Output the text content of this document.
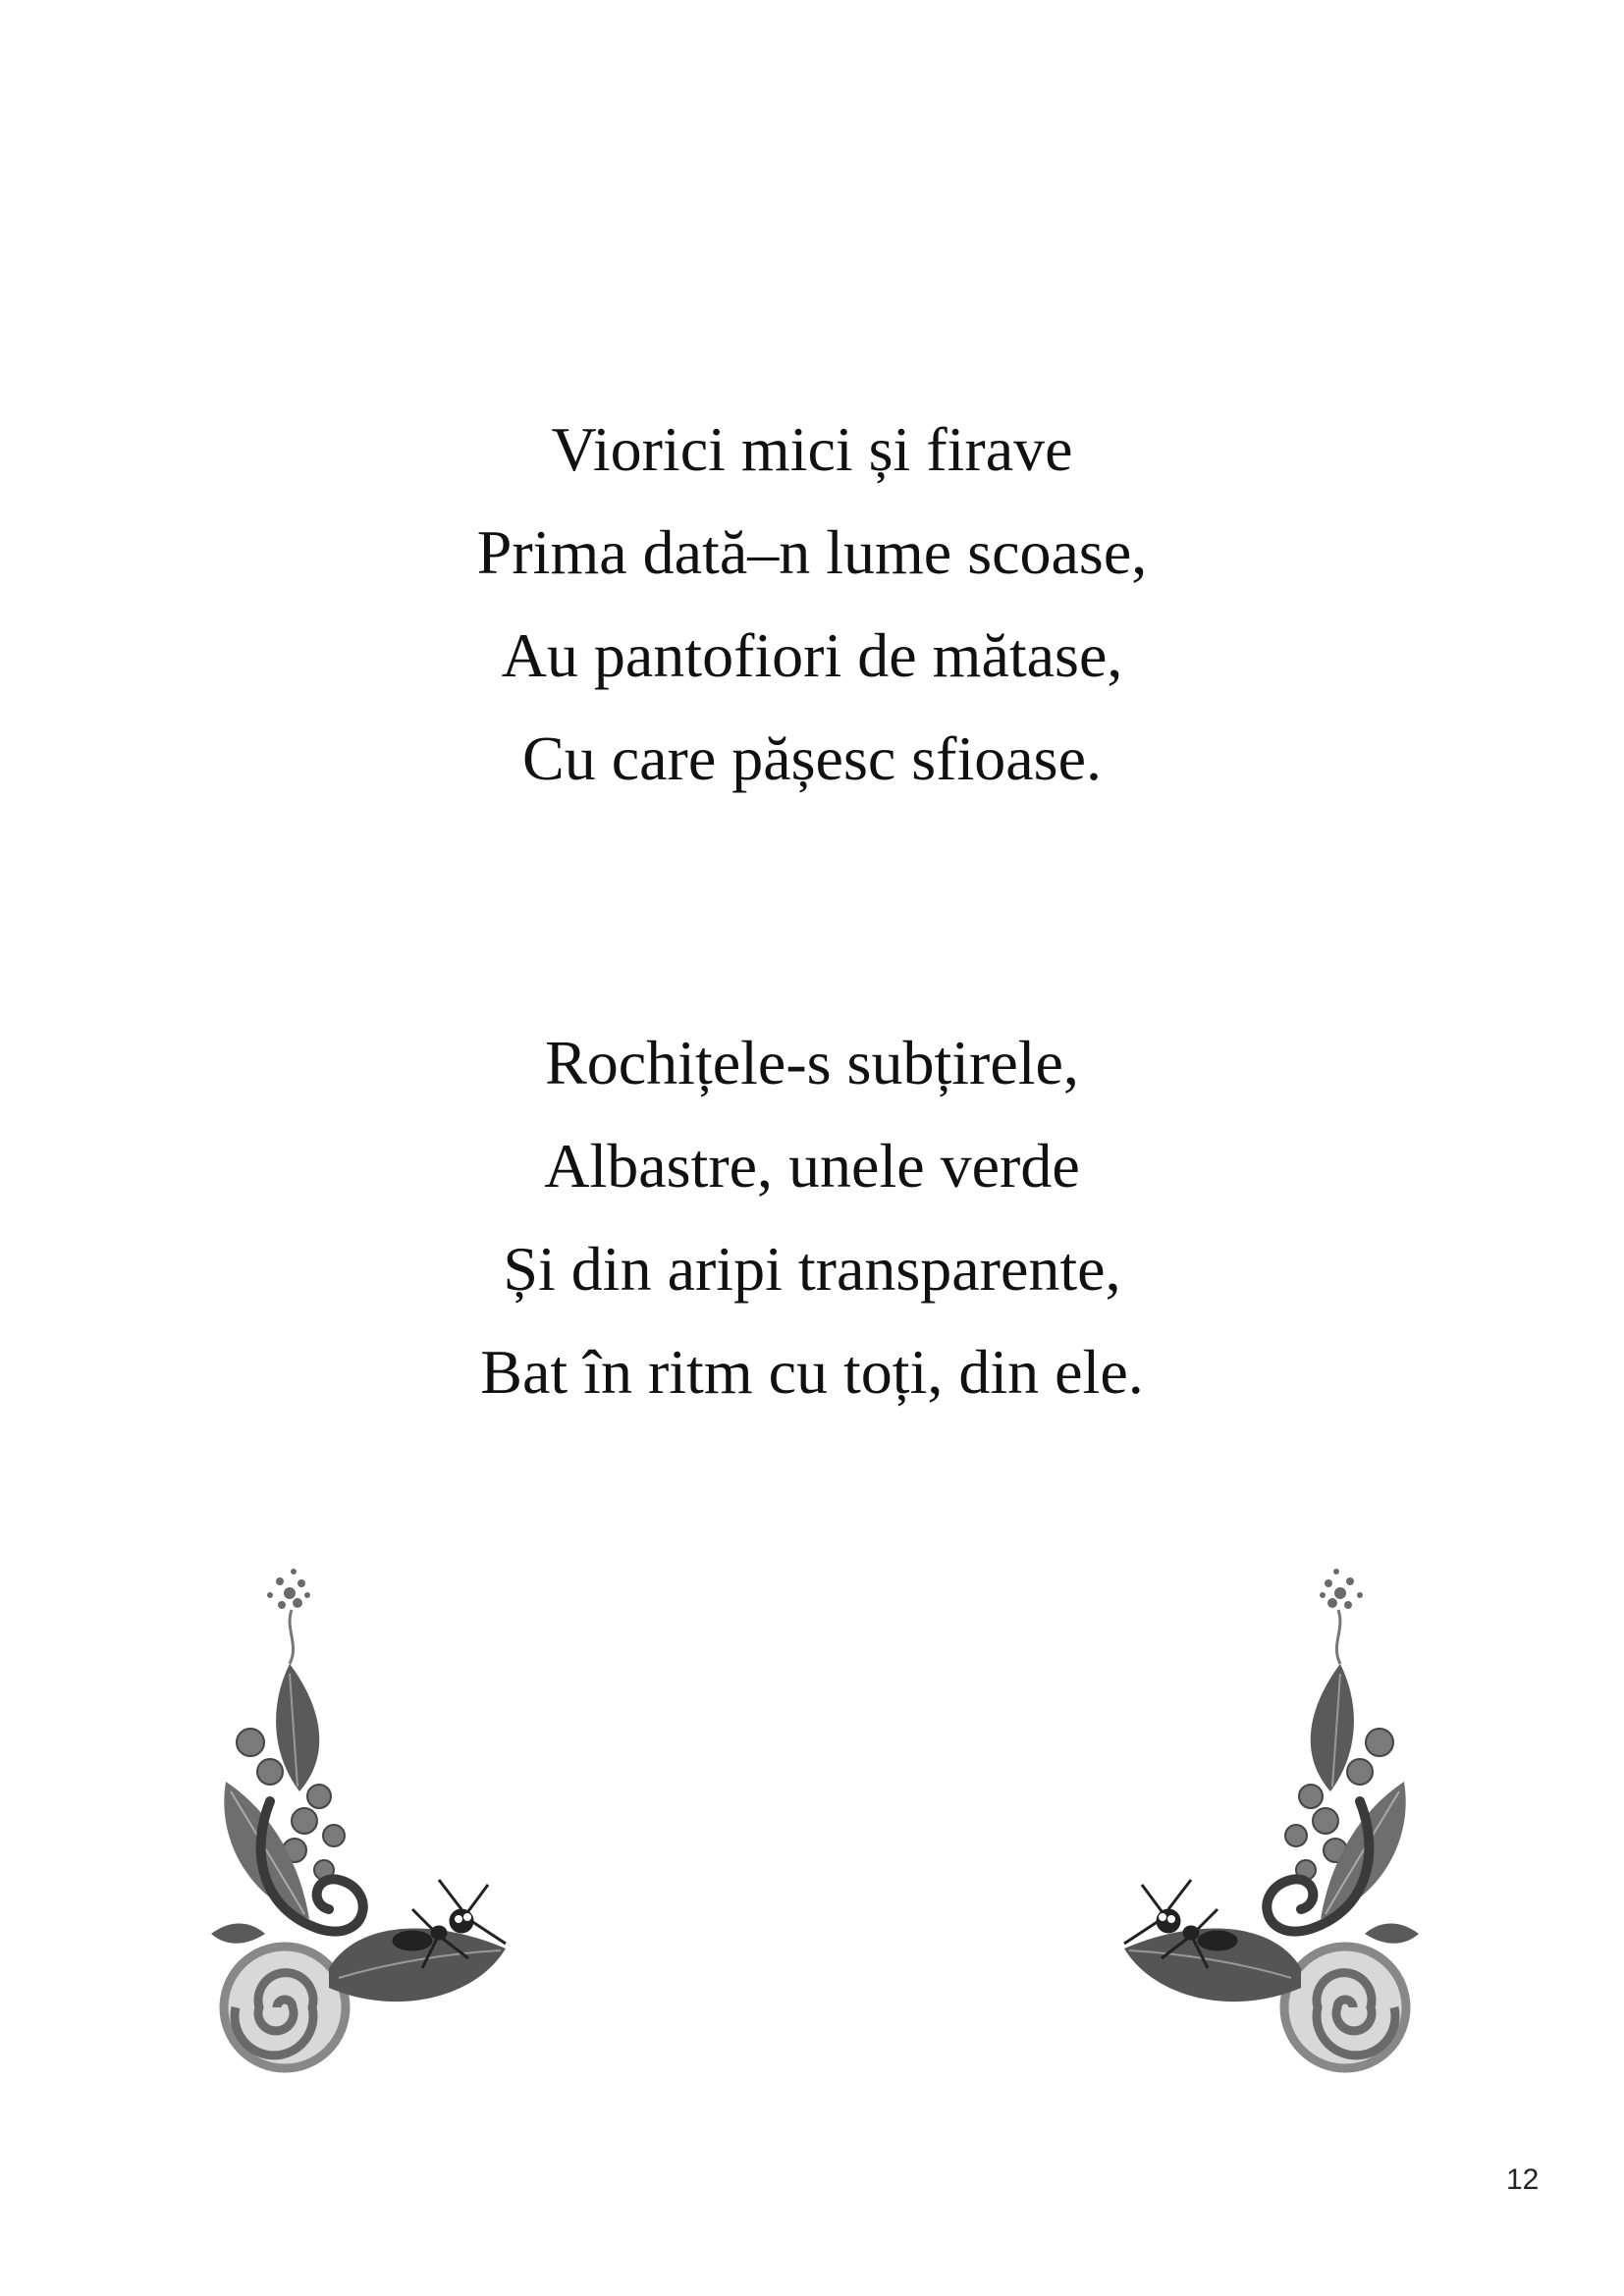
Viorici mici și firave
Prima dată–n lume scoase,
Au pantofiori de mătase,
Cu care pășesc sfioase.
Rochițele-s subțirele,
Albastre, unele verde
Și din aripi transparente,
Bat în ritm cu toți, din ele.
12
